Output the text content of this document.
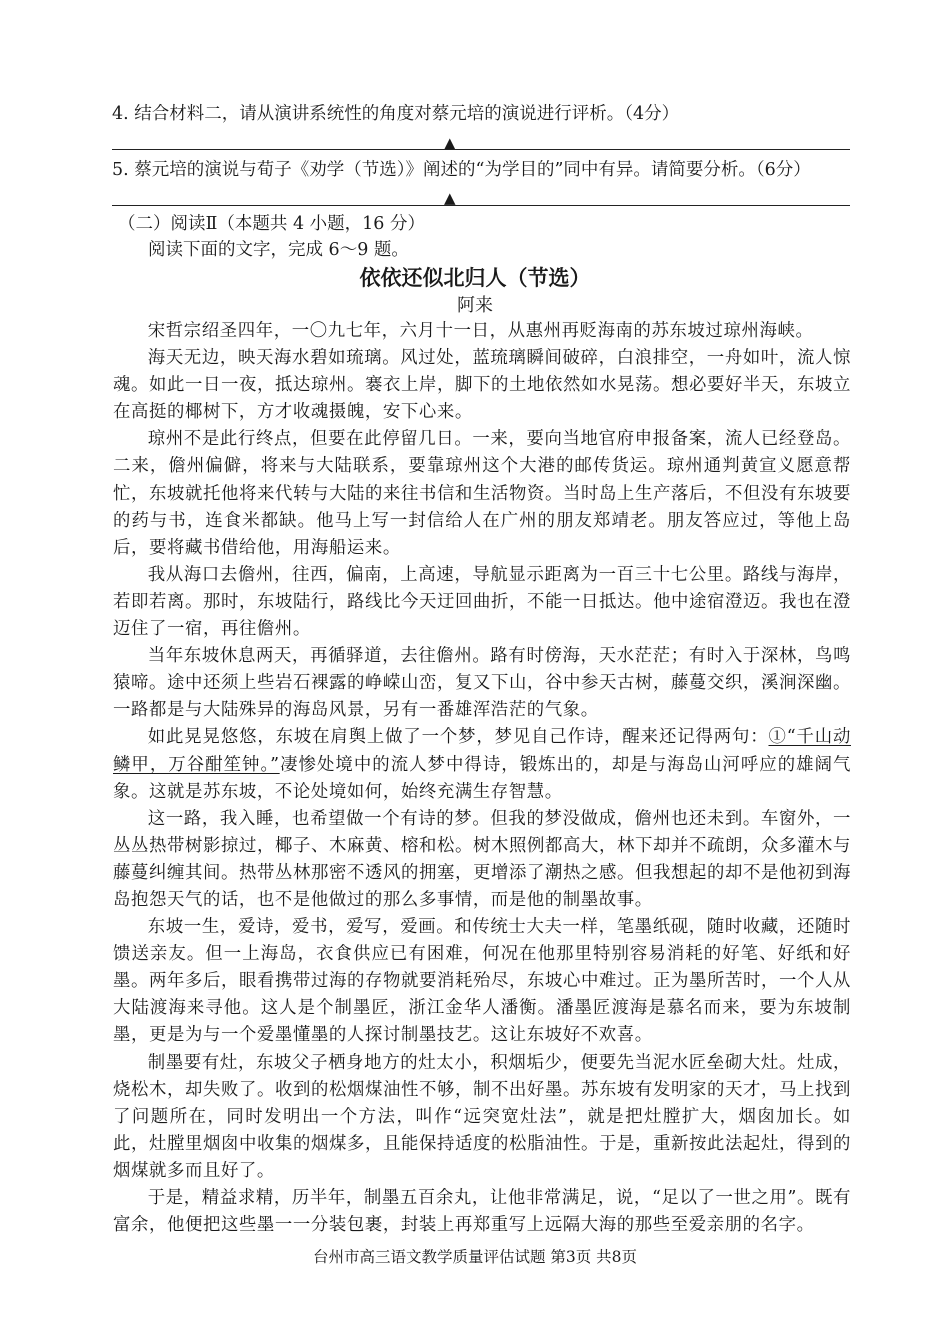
4. 结合材料二，请从演讲系统性的角度对蔡元培的演说进行评析。（4分）
▲
5. 蔡元培的演说与荀子《劝学（节选）》阐述的“为学目的”同中有异。请简要分析。（6分）
▲
（二）阅读Ⅱ（本题共 4 小题，16 分）
阅读下面的文字，完成 6～9 题。
依依还似北归人（节选）
阿来

宋哲宗绍圣四年，一〇九七年，六月十一日，从惠州再贬海南的苏东坡过琼州海峡。

海天无边，映天海水碧如琉璃。风过处，蓝琉璃瞬间破碎，白浪排空，一舟如叶，流人惊魂。如此一日一夜，抵达琼州。褰衣上岸，脚下的土地依然如水晃荡。想必要好半天，东坡立在高挺的椰树下，方才收魂摄魄，安下心来。

琼州不是此行终点，但要在此停留几日。一来，要向当地官府申报备案，流人已经登岛。二来，儋州偏僻，将来与大陆联系，要靠琼州这个大港的邮传货运。琼州通判黄宣义愿意帮忙，东坡就托他将来代转与大陆的来往书信和生活物资。当时岛上生产落后，不但没有东坡要的药与书，连食米都缺。他马上写一封信给人在广州的朋友郑靖老。朋友答应过，等他上岛后，要将藏书借给他，用海船运来。

我从海口去儋州，往西，偏南，上高速，导航显示距离为一百三十七公里。路线与海岸，若即若离。那时，东坡陆行，路线比今天迂回曲折，不能一日抵达。他中途宿澄迈。我也在澄迈住了一宿，再往儋州。

当年东坡休息两天，再循驿道，去往儋州。路有时傍海，天水茫茫；有时入于深林，鸟鸣猿啼。途中还须上些岩石裸露的峥嵘山峦，复又下山，谷中参天古树，藤蔓交织，溪涧深幽。一路都是与大陆殊异的海岛风景，另有一番雄浑浩茫的气象。

如此晃晃悠悠，东坡在肩舆上做了一个梦，梦见自己作诗，醒来还记得两句：①“千山动鳞甲，万谷酣笙钟。”凄惨处境中的流人梦中得诗，锻炼出的，却是与海岛山河呼应的雄阔气象。这就是苏东坡，不论处境如何，始终充满生存智慧。

这一路，我入睡，也希望做一个有诗的梦。但我的梦没做成，儋州也还未到。车窗外，一丛丛热带树影掠过，椰子、木麻黄、榕和松。树木照例都高大，林下却并不疏朗，众多灌木与藤蔓纠缠其间。热带丛林那密不透风的拥塞，更增添了潮热之感。但我想起的却不是他初到海岛抱怨天气的话，也不是他做过的那么多事情，而是他的制墨故事。

东坡一生，爱诗，爱书，爱写，爱画。和传统士大夫一样，笔墨纸砚，随时收藏，还随时馈送亲友。但一上海岛，衣食供应已有困难，何况在他那里特别容易消耗的好笔、好纸和好墨。两年多后，眼看携带过海的存物就要消耗殆尽，东坡心中难过。正为墨所苦时，一个人从大陆渡海来寻他。这人是个制墨匠，浙江金华人潘衡。潘墨匠渡海是慕名而来，要为东坡制墨，更是为与一个爱墨懂墨的人探讨制墨技艺。这让东坡好不欢喜。

制墨要有灶，东坡父子栖身地方的灶太小，积烟垢少，便要先当泥水匠垒砌大灶。灶成，烧松木，却失败了。收到的松烟煤油性不够，制不出好墨。苏东坡有发明家的天才，马上找到了问题所在，同时发明出一个方法，叫作“远突宽灶法”，就是把灶膛扩大，烟囱加长。如此，灶膛里烟囱中收集的烟煤多，且能保持适度的松脂油性。于是，重新按此法起灶，得到的烟煤就多而且好了。

于是，精益求精，历半年，制墨五百余丸，让他非常满足，说，“足以了一世之用”。既有富余，他便把这些墨一一分装包裹，封装上再郑重写上远隔大海的那些至爱亲朋的名字。

台州市高三语文教学质量评估试题 第3页 共8页
